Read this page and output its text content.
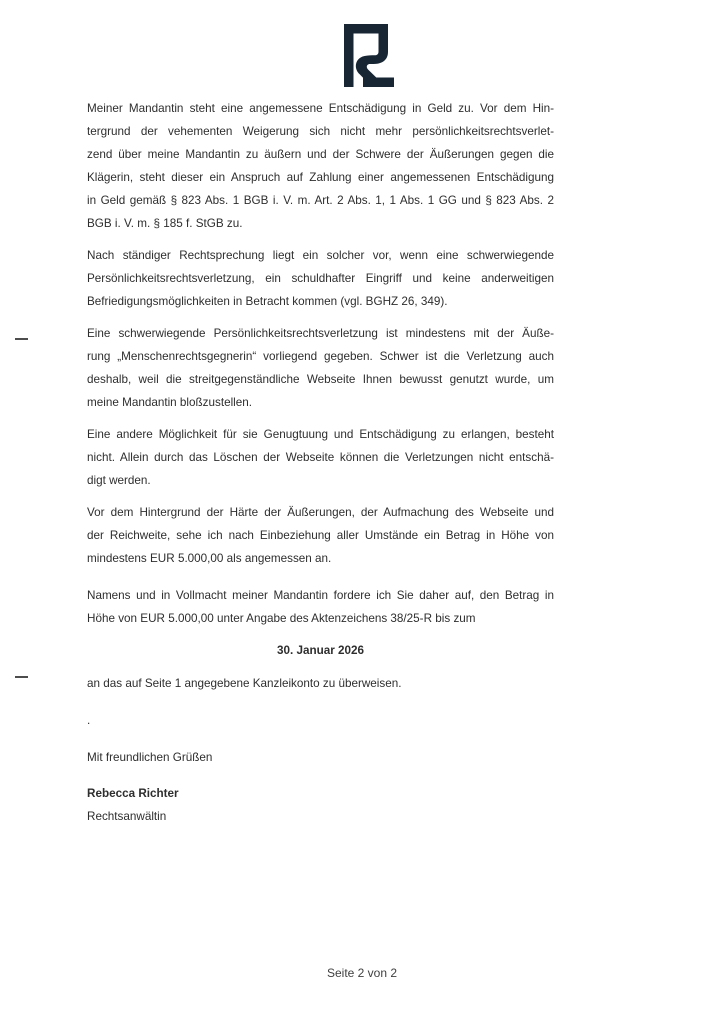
Meiner Mandantin steht eine angemessene Entschädigung in Geld zu. Vor dem Hin-
tergrund der vehementen Weigerung sich nicht mehr persönlichkeitsrechtsverlet-
zend über meine Mandantin zu äußern und der Schwere der Äußerungen gegen die
Klägerin, steht dieser ein Anspruch auf Zahlung einer angemessenen Entschädigung
in Geld gemäß § 823 Abs. 1 BGB i. V. m. Art. 2 Abs. 1, 1 Abs. 1 GG und § 823 Abs. 2
BGB i. V. m. § 185 f. StGB zu.
Nach ständiger Rechtsprechung liegt ein solcher vor, wenn eine schwerwiegende
Persönlichkeitsrechtsverletzung, ein schuldhafter Eingriff und keine anderweitigen
Befriedigungsmöglichkeiten in Betracht kommen (vgl. BGHZ 26, 349).
Eine schwerwiegende Persönlichkeitsrechtsverletzung ist mindestens mit der Äuße-
rung „Menschenrechtsgegnerin“ vorliegend gegeben. Schwer ist die Verletzung auch
deshalb, weil die streitgegenständliche Webseite Ihnen bewusst genutzt wurde, um
meine Mandantin bloßzustellen.
Eine andere Möglichkeit für sie Genugtuung und Entschädigung zu erlangen, besteht
nicht. Allein durch das Löschen der Webseite können die Verletzungen nicht entschä-
digt werden.
Vor dem Hintergrund der Härte der Äußerungen, der Aufmachung des Webseite und
der Reichweite, sehe ich nach Einbeziehung aller Umstände ein Betrag in Höhe von
mindestens EUR 5.000,00 als angemessen an.
Namens und in Vollmacht meiner Mandantin fordere ich Sie daher auf, den Betrag in
Höhe von EUR 5.000,00 unter Angabe des Aktenzeichens 38/25-R bis zum
30. Januar 2026
an das auf Seite 1 angegebene Kanzleikonto zu überweisen.
.
Mit freundlichen Grüßen
Rebecca Richter
Rechtsanwältin
Seite 2 von 2
